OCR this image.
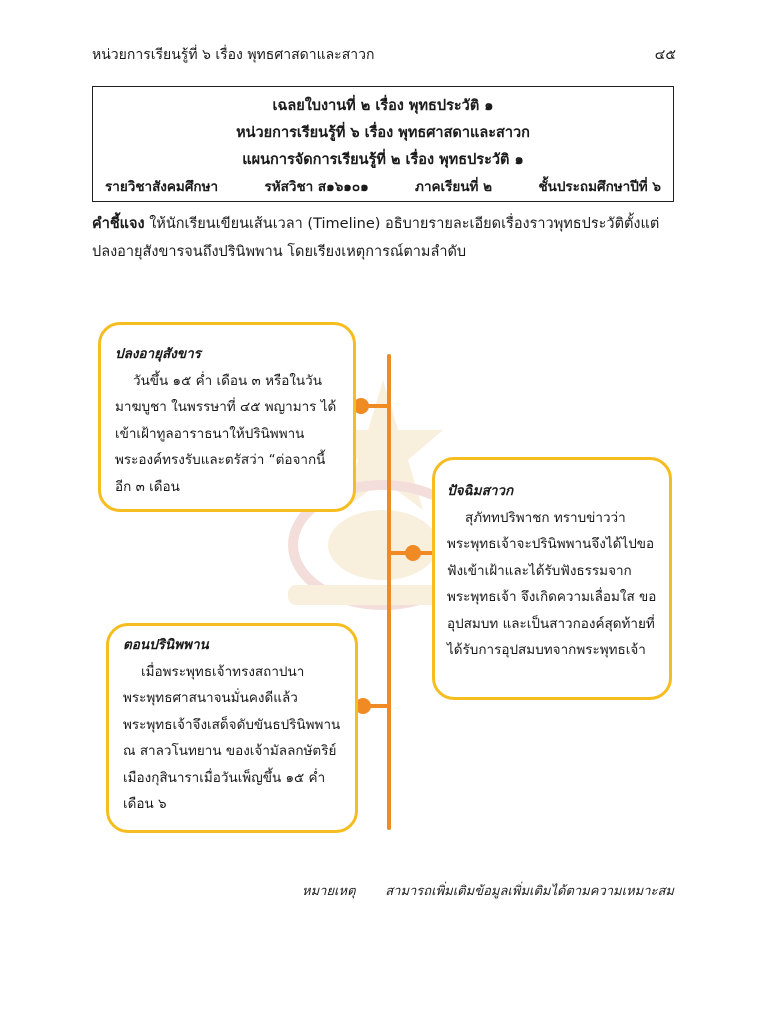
หน่วยการเรียนรู้ที่ ๖ เรื่อง พุทธศาสดาและสาวก	๔๕
เฉลยใบงานที่ ๒ เรื่อง พุทธประวัติ ๑
หน่วยการเรียนรู้ที่ ๖ เรื่อง พุทธศาสดาและสาวก
แผนการจัดการเรียนรู้ที่ ๒ เรื่อง พุทธประวัติ ๑
รายวิชาสังคมศึกษา	รหัสวิชา ส๑๖๑๐๑	ภาคเรียนที่ ๒	ชั้นประถมศึกษาปีที่ ๖
คำชี้แจง ให้นักเรียนเขียนเส้นเวลา (Timeline) อธิบายรายละเอียดเรื่องราวพุทธประวัติตั้งแต่ปลงอายุสังขารจนถึงปรินิพพาน โดยเรียงเหตุการณ์ตามลำดับ
ปลงอายุสังขาร
วันขึ้น ๑๕ ค่ำ เดือน ๓ หรือในวันมาฆบูชา ในพรรษาที่ ๔๕ พญามาร ได้เข้าเฝ้าทูลอาราธนาให้ปรินิพพานพระองค์ทรงรับและตรัสว่า “ต่อจากนี้อีก ๓ เดือน	ปัจฉิมสาวก
สุภัททปริพาชก ทราบข่าวว่าพระพุทธเจ้าจะปรินิพพานจึงได้ไปขอฟังเข้าเฝ้าและได้รับฟังธรรมจากพระพุทธเจ้า จึงเกิดความเลื่อมใส ขออุปสมบท และเป็นสาวกองค์สุดท้ายที่ได้รับการอุปสมบทจากพระพุทธเจ้า
ตอนปรินิพพาน
เมื่อพระพุทธเจ้าทรงสถาปนาพระพุทธศาสนาจนมั่นคงดีแล้ว พระพุทธเจ้าจึงเสด็จดับขันธปรินิพพาน ณ สาลวโนทยาน ของเจ้ามัลลกษัตริย์เมืองกุสินาราเมื่อวันเพ็ญขึ้น ๑๕ ค่ำ เดือน ๖
หมายเหตุ สามารถเพิ่มเติมข้อมูลเพิ่มเติมได้ตามความเหมาะสม
